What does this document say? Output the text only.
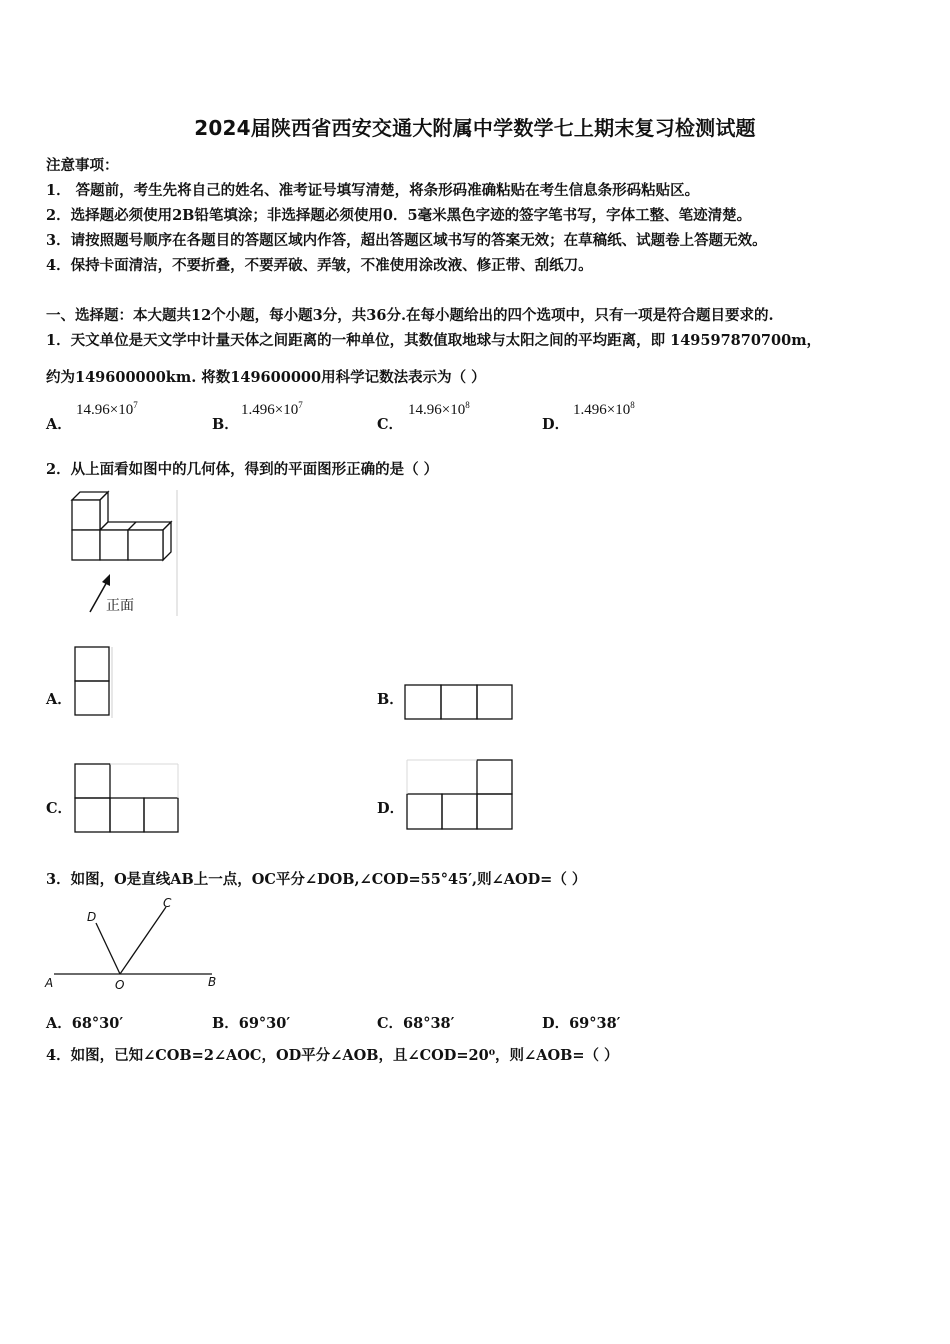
2024届陕西省西安交通大附属中学数学七上期末复习检测试题
注意事项：
1． 答题前，考生先将自己的姓名、准考证号填写清楚，将条形码准确粘贴在考生信息条形码粘贴区。
2．选择题必须使用2B铅笔填涂；非选择题必须使用0．5毫米黑色字迹的签字笔书写，字体工整、笔迹清楚。
3．请按照题号顺序在各题目的答题区域内作答，超出答题区域书写的答案无效；在草稿纸、试题卷上答题无效。
4．保持卡面清洁，不要折叠，不要弄破、弄皱，不准使用涂改液、修正带、刮纸刀。
一、选择题：本大题共12个小题，每小题3分，共36分.在每小题给出的四个选项中，只有一项是符合题目要求的.
1．天文单位是天文学中计量天体之间距离的一种单位，其数值取地球与太阳之间的平均距离，即 149597870700m，
约为149600000km. 将数149600000用科学记数法表示为（ ）
A．
$14.96\times 10^7$
B．
$1.496\times 10^7$
C．
$14.96\times 10^8$
D．
$1.496\times 10^8$
2．从上面看如图中的几何体，得到的平面图形正确的是（ ）
正面
A．	B．
C．	D．
3．如图，O是直线AB上一点，OC平分∠DOB,∠COD=55°45′,则∠AOD=（ ）
A	O	B
C
D
A．68°30′	B．69°30′	C．68°38′	D．69°38′
4．如图，已知∠COB=2∠AOC，OD平分∠AOB，且∠COD=20⁰，则∠AOB=（ ）
